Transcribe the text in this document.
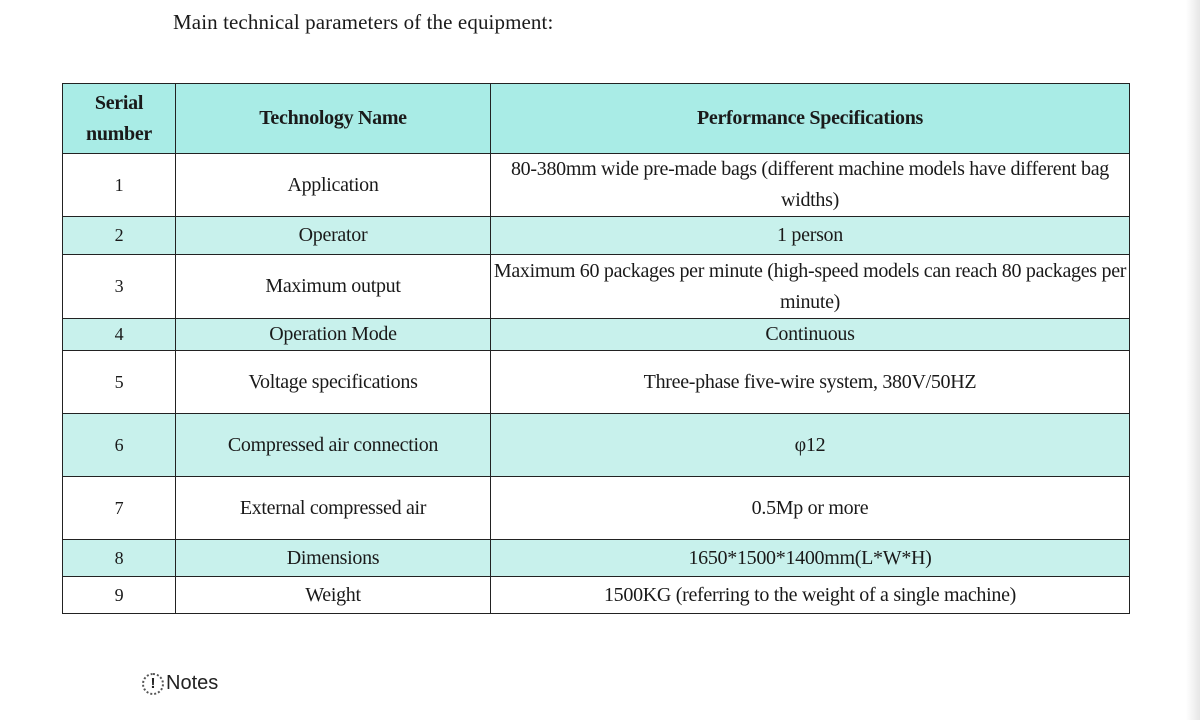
Main technical parameters of the equipment:
Serial number	Technology Name	Performance Specifications
1	Application	80-380mm wide pre-made bags (different machine models have different bag widths)
2	Operator	1 person
3	Maximum output	Maximum 60 packages per minute (high-speed models can reach 80 packages per minute)
4	Operation Mode	Continuous
5	Voltage specifications	Three-phase five-wire system, 380V/50HZ
6	Compressed air connection	φ12
7	External compressed air	0.5Mp or more
8	Dimensions	1650*1500*1400mm(L*W*H)
9	Weight	1500KG (referring to the weight of a single machine)
! Notes
